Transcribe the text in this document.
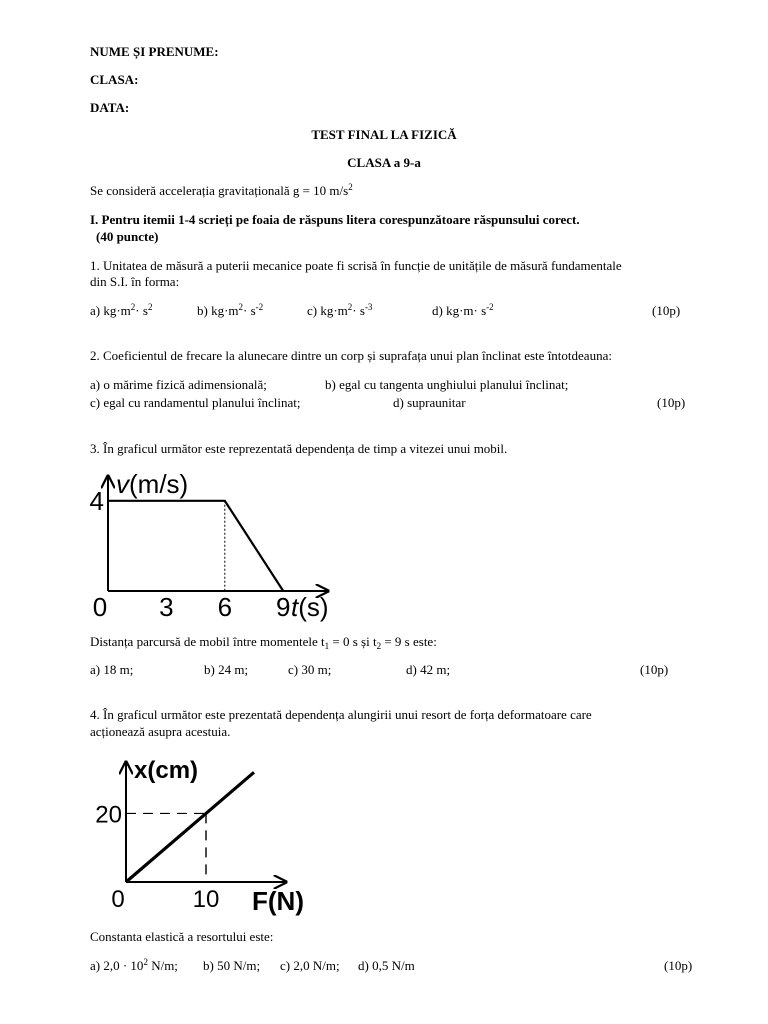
NUME ȘI PRENUME:
CLASA:
DATA:
TEST FINAL LA FIZICĂ
CLASA a 9-a
Se consideră accelerația gravitațională g = 10 $m/s^2$
I. Pentru itemii 1-4 scrieți pe foaia de răspuns litera corespunzătoare răspunsului corect.
(40 puncte)
1. Unitatea de măsură a puterii mecanice poate fi scrisă în funcție de unitățile de măsură fundamentale
din S.I. în forma:
a) $kg\cdot m^2\cdot s^2$	b) $kg\cdot m^2\cdot s^{-2}$	c) $kg\cdot m^2\cdot s^{-3}$	d) $kg\cdot m\cdot s^{-2}$	(10p)
2. Coeficientul de frecare la alunecare dintre un corp și suprafața unui plan înclinat este întotdeauna:
a) o mărime fizică adimensională;	b) egal cu tangenta unghiului planului înclinat;
c) egal cu randamentul planului înclinat;	d) supraunitar	(10p)
3. În graficul următor este reprezentată dependența de timp a vitezei unui mobil.
v(m/s)
t(s)
0 3 6 9
4
Distanța parcursă de mobil între momentele $t_1 = 0$ s și $t_2 = 9$ s este:
a) 18 m;	b) 24 m;	c) 30 m;	d) 42 m;	(10p)
4. În graficul următor este prezentată dependența alungirii unui resort de forța deformatoare care
acționează asupra acestuia.
x(cm)
F(N)
0	10
20
Constanta elastică a resortului este:
a) $2,0 \cdot 10^2$ N/m; b) 50 N/m; c) 2,0 N/m; d) 0,5 N/m	(10p)
